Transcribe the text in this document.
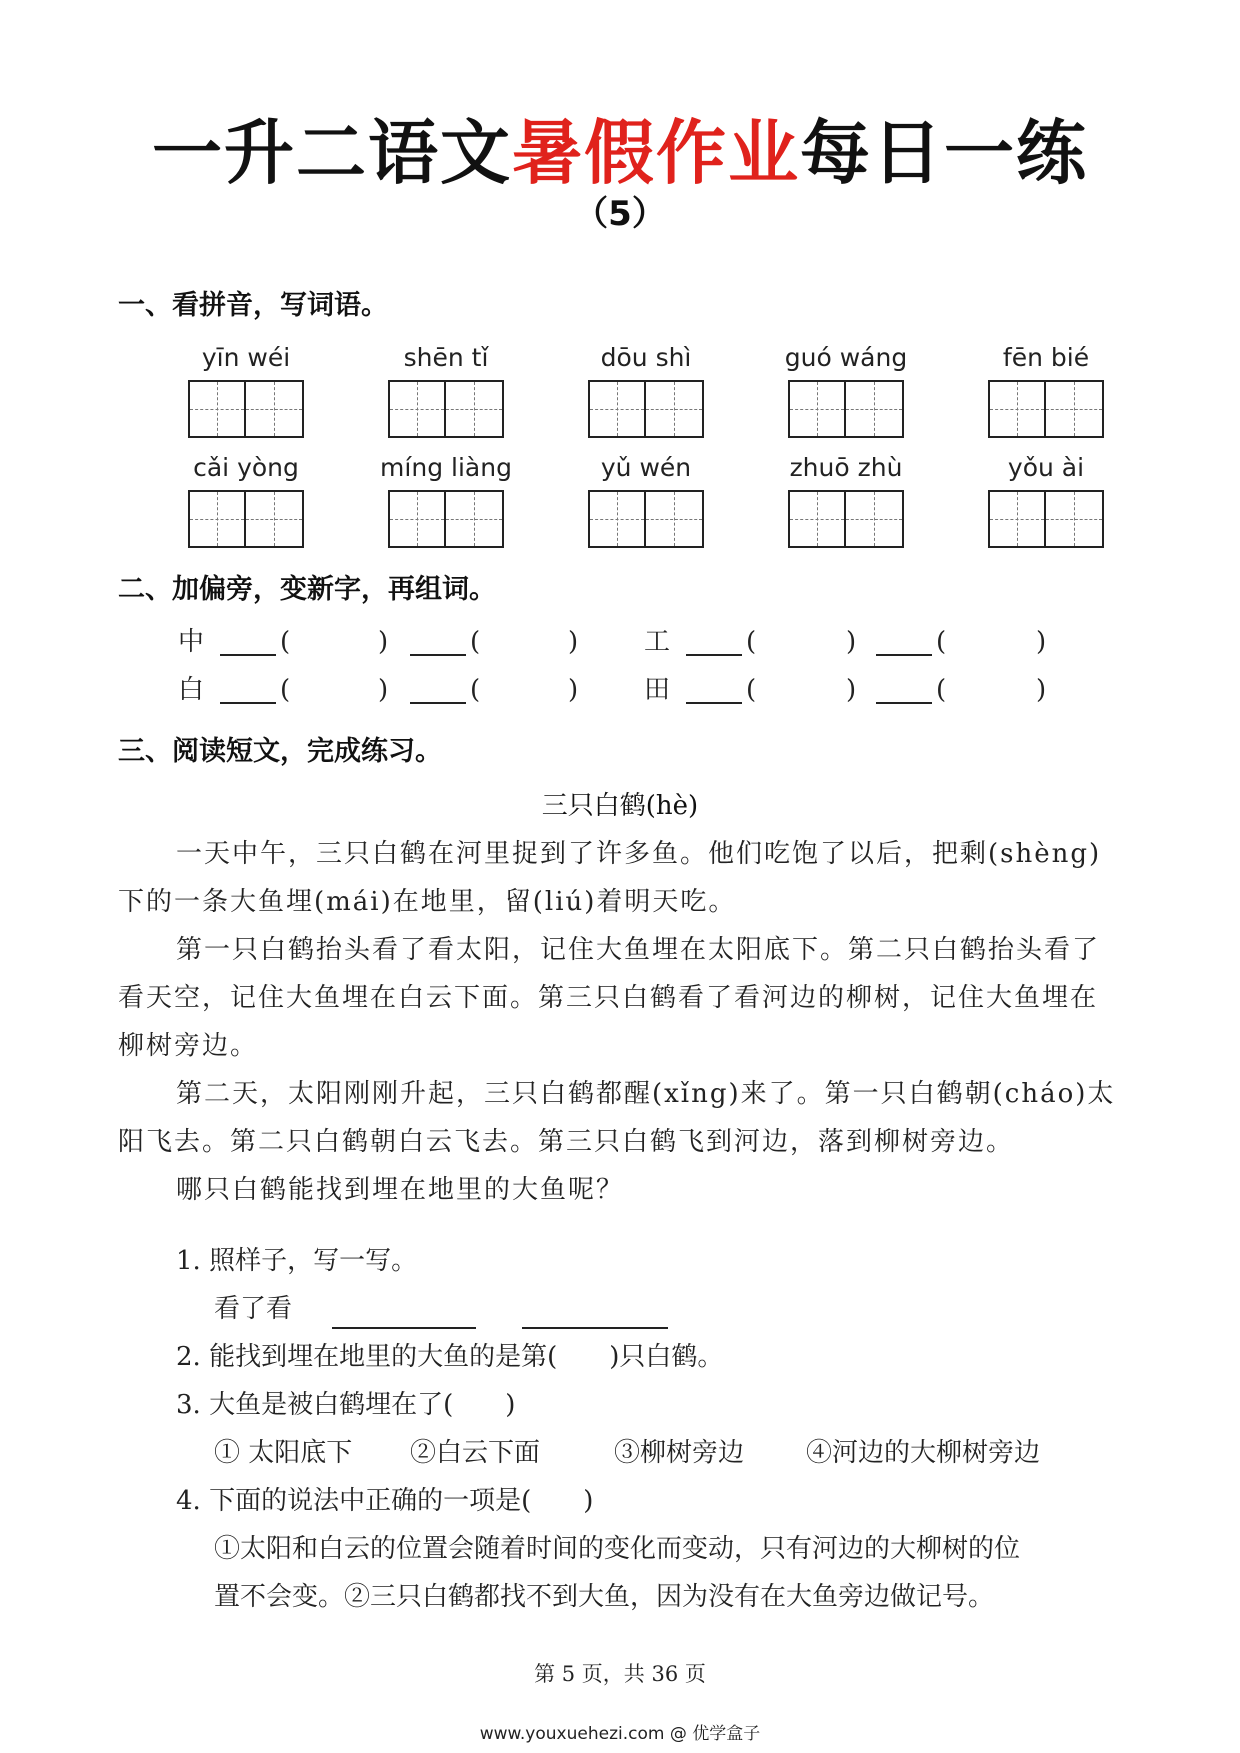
一升二语文暑假作业每日一练
（5）
一、看拼音，写词语。
yīn wéi	shēn tǐ	dōu shì	guó wáng	fēn bié
cǎi yòng	míng liàng	yǔ wén	zhuō zhù	yǒu ài
二、加偏旁，变新字，再组词。
中	(	)	(	)	工	(	)	(	)
白	(	)	(	)	田	(	)	(	)
三、阅读短文，完成练习。
三只白鹤(hè)
一天中午，三只白鹤在河里捉到了许多鱼。他们吃饱了以后，把剩(shèng)下的一条大鱼埋(mái)在地里，留(liú)着明天吃。
第一只白鹤抬头看了看太阳，记住大鱼埋在太阳底下。第二只白鹤抬头看了看天空，记住大鱼埋在白云下面。第三只白鹤看了看河边的柳树，记住大鱼埋在柳树旁边。
第二天，太阳刚刚升起，三只白鹤都醒(xǐng)来了。第一只白鹤朝(cháo)太阳飞去。第二只白鹤朝白云飞去。第三只白鹤飞到河边，落到柳树旁边。
哪只白鹤能找到埋在地里的大鱼呢？
1. 照样子，写一写。
看了看
2. 能找到埋在地里的大鱼的是第(　　)只白鹤。
3. 大鱼是被白鹤埋在了(　　)
① 太阳底下 ②白云下面	③柳树旁边 ④河边的大柳树旁边
4. 下面的说法中正确的一项是(　　)
①太阳和白云的位置会随着时间的变化而变动，只有河边的大柳树的位
置不会变。②三只白鹤都找不到大鱼，因为没有在大鱼旁边做记号。
第 5 页，共 36 页
www.youxuehezi.com @ 优学盒子
